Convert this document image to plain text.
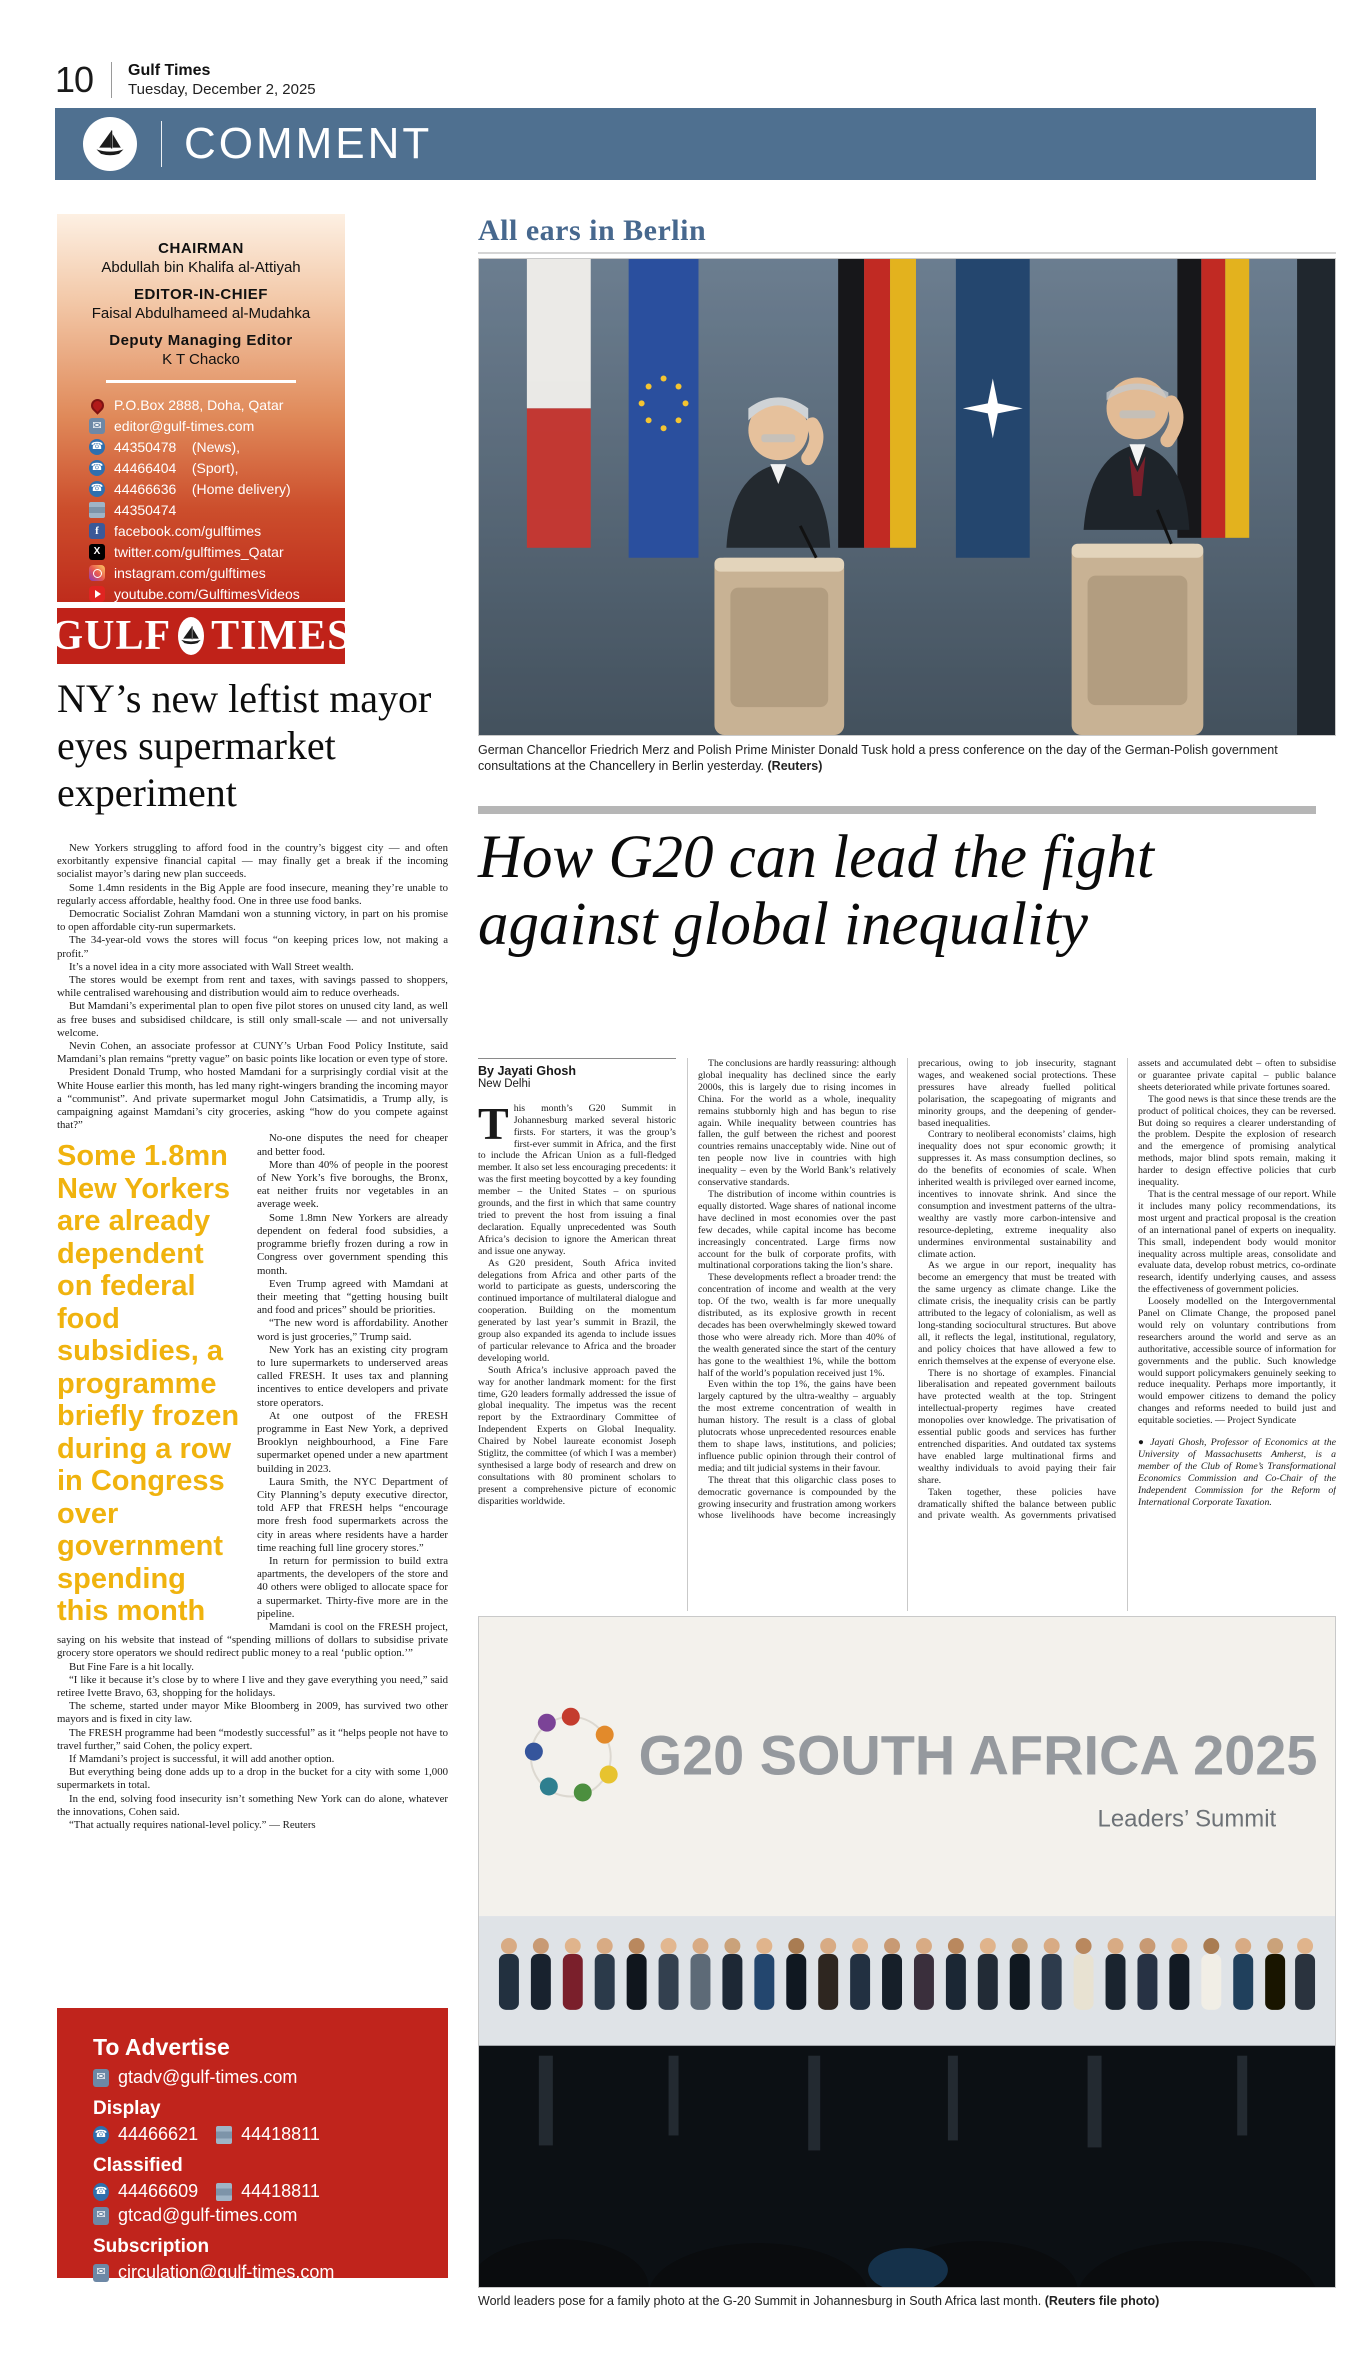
10 Gulf Times
Tuesday, December 2, 2025
COMMENT
CHAIRMAN
Abdullah bin Khalifa al-Attiyah
EDITOR-IN-CHIEF
Faisal Abdulhameed al-Mudahka
Deputy Managing Editor
K T Chacko
P.O.Box 2888, Doha, Qatar
✉
editor@gulf-times.com
☎
44350478    (News),
☎
44466404    (Sport),
☎
44466636    (Home delivery)
44350474
f
facebook.com/gulftimes
X
twitter.com/gulftimes_Qatar
instagram.com/gulftimes
youtube.com/GulftimesVideos
GULF TIMES
NY’s new leftist mayor eyes supermarket experiment

New Yorkers struggling to afford food in the country’s biggest city — and often exorbitantly expensive financial capital — may finally get a break if the incoming socialist mayor’s daring new plan succeeds.

Some 1.4mn residents in the Big Apple are food insecure, meaning they’re unable to regularly access affordable, healthy food. One in three use food banks.

Democratic Socialist Zohran Mamdani won a stunning victory, in part on his promise to open affordable city-run supermarkets.

The 34-year-old vows the stores will focus “on keeping prices low, not making a profit.”

It’s a novel idea in a city more associated with Wall Street wealth.

The stores would be exempt from rent and taxes, with savings passed to shoppers, while centralised warehousing and distribution would aim to reduce overheads.

But Mamdani’s experimental plan to open five pilot stores on unused city land, as well as free buses and subsidised childcare, is still only small-scale — and not universally welcome.

Nevin Cohen, an associate professor at CUNY’s Urban Food Policy Institute, said Mamdani’s plan remains “pretty vague” on basic points like location or even type of store.

President Donald Trump, who hosted Mamdani for a surprisingly cordial visit at the White House earlier this month, has led many right-wingers branding the incoming mayor a “communist”. And private supermarket mogul John Catsimatidis, a Trump ally, is campaigning against Mamdani’s city groceries, asking “how do you compete against that?”

Some 1.8mn New Yorkers are already dependent on federal food subsidies, a programme briefly frozen during a row in Congress over government spending this month

No-one disputes the need for cheaper and better food.

More than 40% of people in the poorest of New York’s five boroughs, the Bronx, eat neither fruits nor vegetables in an average week.

Some 1.8mn New Yorkers are already dependent on federal food subsidies, a programme briefly frozen during a row in Congress over government spending this month.

Even Trump agreed with Mamdani at their meeting that “getting housing built and food and prices” should be priorities.

“The new word is affordability. Another word is just groceries,” Trump said.

New York has an existing city program to lure supermarkets to underserved areas called FRESH. It uses tax and planning incentives to entice developers and private store operators.

At one outpost of the FRESH programme in East New York, a deprived Brooklyn neighbourhood, a Fine Fare supermarket opened under a new apartment building in 2023.

Laura Smith, the NYC Department of City Planning’s deputy executive director, told AFP that FRESH helps “encourage more fresh food supermarkets across the city in areas where residents have a harder time reaching full line grocery stores.”

In return for permission to build extra apartments, the developers of the store and 40 others were obliged to allocate space for a supermarket. Thirty-five more are in the pipeline.

Mamdani is cool on the FRESH project, saying on his website that instead of “spending millions of dollars to subsidise private grocery store operators we should redirect public money to a real ‘public option.’”

But Fine Fare is a hit locally.

“I like it because it’s close by to where I live and they gave everything you need,” said retiree Ivette Bravo, 63, shopping for the holidays.

The scheme, started under mayor Mike Bloomberg in 2009, has survived two other mayors and is fixed in city law.

The FRESH programme had been “modestly successful” as it “helps people not have to travel further,” said Cohen, the policy expert.

If Mamdani’s project is successful, it will add another option.

But everything being done adds up to a drop in the bucket for a city with some 1,000 supermarkets in total.

In the end, solving food insecurity isn’t something New York can do alone, whatever the innovations, Cohen said.

“That actually requires national-level policy.” — Reuters

To Advertise
✉
gtadv@gulf-times.com
Display
☎
44466621 44418811
Classified
☎
44466609 44418811
✉
gtcad@gulf-times.com
Subscription
✉
circulation@gulf-times.com
© 2025 Gulf Times. All rights reserved
All ears in Berlin
German Chancellor Friedrich Merz and Polish Prime Minister Donald Tusk hold a press conference on the day of the German-Polish government consultations at the Chancellery in Berlin yesterday. (Reuters)
How G20 can lead the fight against global inequality
By Jayati Ghosh
New Delhi

This month’s G20 Summit in Johannesburg marked several historic firsts. For starters, it was the group’s first-ever summit in Africa, and the first to include the African Union as a full-fledged member. It also set less encouraging precedents: it was the first meeting boycotted by a key founding member – the United States – on spurious grounds, and the first in which that same country tried to prevent the host from issuing a final declaration. Equally unprecedented was South Africa’s decision to ignore the American threat and issue one anyway.

As G20 president, South Africa invited delegations from Africa and other parts of the world to participate as guests, underscoring the continued importance of multilateral dialogue and cooperation. Building on the momentum generated by last year’s summit in Brazil, the group also expanded its agenda to include issues of particular relevance to Africa and the broader developing world.

South Africa’s inclusive approach paved the way for another landmark moment: for the first time, G20 leaders formally addressed the issue of global inequality. The impetus was the recent report by the Extraordinary Committee of Independent Experts on Global Inequality. Chaired by Nobel laureate economist Joseph Stiglitz, the committee (of which I was a member) synthesised a large body of research and drew on consultations with 80 prominent scholars to present a comprehensive picture of economic disparities worldwide.

The conclusions are hardly reassuring: although global inequality has declined since the early 2000s, this is largely due to rising incomes in China. For the world as a whole, inequality remains stubbornly high and has begun to rise again. While inequality between countries has fallen, the gulf between the richest and poorest countries remains unacceptably wide. Nine out of ten people now live in countries with high inequality – even by the World Bank’s relatively conservative standards.

The distribution of income within countries is equally distorted. Wage shares of national income have declined in most economies over the past few decades, while capital income has become increasingly concentrated. Large firms now account for the bulk of corporate profits, with multinational corporations taking the lion’s share.

These developments reflect a broader trend: the concentration of income and wealth at the very top. Of the two, wealth is far more unequally distributed, as its explosive growth in recent decades has been overwhelmingly skewed toward those who were already rich. More than 40% of the wealth generated since the start of the century has gone to the wealthiest 1%, while the bottom half of the world’s population received just 1%.

Even within the top 1%, the gains have been largely captured by the ultra-wealthy – arguably the most extreme concentration of wealth in human history. The result is a class of global plutocrats whose unprecedented resources enable them to shape laws, institutions, and policies; influence public opinion through their control of media; and tilt judicial systems in their favour.

The threat that this oligarchic class poses to democratic governance is compounded by the growing insecurity and frustration among workers whose livelihoods have become increasingly precarious, owing to job insecurity, stagnant wages, and weakened social protections. These pressures have already fuelled political polarisation, the scapegoating of migrants and minority groups, and the deepening of gender-based inequalities.

Contrary to neoliberal economists’ claims, high inequality does not spur economic growth; it suppresses it. As mass consumption declines, so do the benefits of economies of scale. When inherited wealth is privileged over earned income, incentives to innovate shrink. And since the consumption and investment patterns of the ultra-wealthy are vastly more carbon-intensive and resource-depleting, extreme inequality also undermines environmental sustainability and climate action.

As we argue in our report, inequality has become an emergency that must be treated with the same urgency as climate change. Like the climate crisis, the inequality crisis can be partly attributed to the legacy of colonialism, as well as long-standing sociocultural structures. But above all, it reflects the legal, institutional, regulatory, and policy choices that have allowed a few to enrich themselves at the expense of everyone else.

There is no shortage of examples. Financial liberalisation and repeated government bailouts have protected wealth at the top. Stringent intellectual-property regimes have created monopolies over knowledge. The privatisation of essential public goods and services has further entrenched disparities. And outdated tax systems have enabled large multinational firms and wealthy individuals to avoid paying their fair share.

Taken together, these policies have dramatically shifted the balance between public and private wealth. As governments privatised assets and accumulated debt – often to subsidise or guarantee private capital – public balance sheets deteriorated while private fortunes soared.

The good news is that since these trends are the product of political choices, they can be reversed. But doing so requires a clearer understanding of the problem. Despite the explosion of research and the emergence of promising analytical methods, major blind spots remain, making it harder to design effective policies that curb inequality.

That is the central message of our report. While it includes many policy recommendations, its most urgent and practical proposal is the creation of an international panel of experts on inequality. This small, independent body would monitor inequality across multiple areas, consolidate and evaluate data, develop robust metrics, co-ordinate research, identify underlying causes, and assess the effectiveness of government policies.

Loosely modelled on the Intergovernmental Panel on Climate Change, the proposed panel would rely on voluntary contributions from researchers around the world and serve as an authoritative, accessible source of information for governments and the public. Such knowledge would support policymakers genuinely seeking to reduce inequality. Perhaps more importantly, it would empower citizens to demand the policy changes and reforms needed to build just and equitable societies. — Project Syndicate

● Jayati Ghosh, Professor of Economics at the University of Massachusetts Amherst, is a member of the Club of Rome’s Transformational Economics Commission and Co-Chair of the Independent Commission for the Reform of International Corporate Taxation.

G20 SOUTH AFRICA 2025
Leaders’ Summit
World leaders pose for a family photo at the G-20 Summit in Johannesburg in South Africa last month. (Reuters file photo)
